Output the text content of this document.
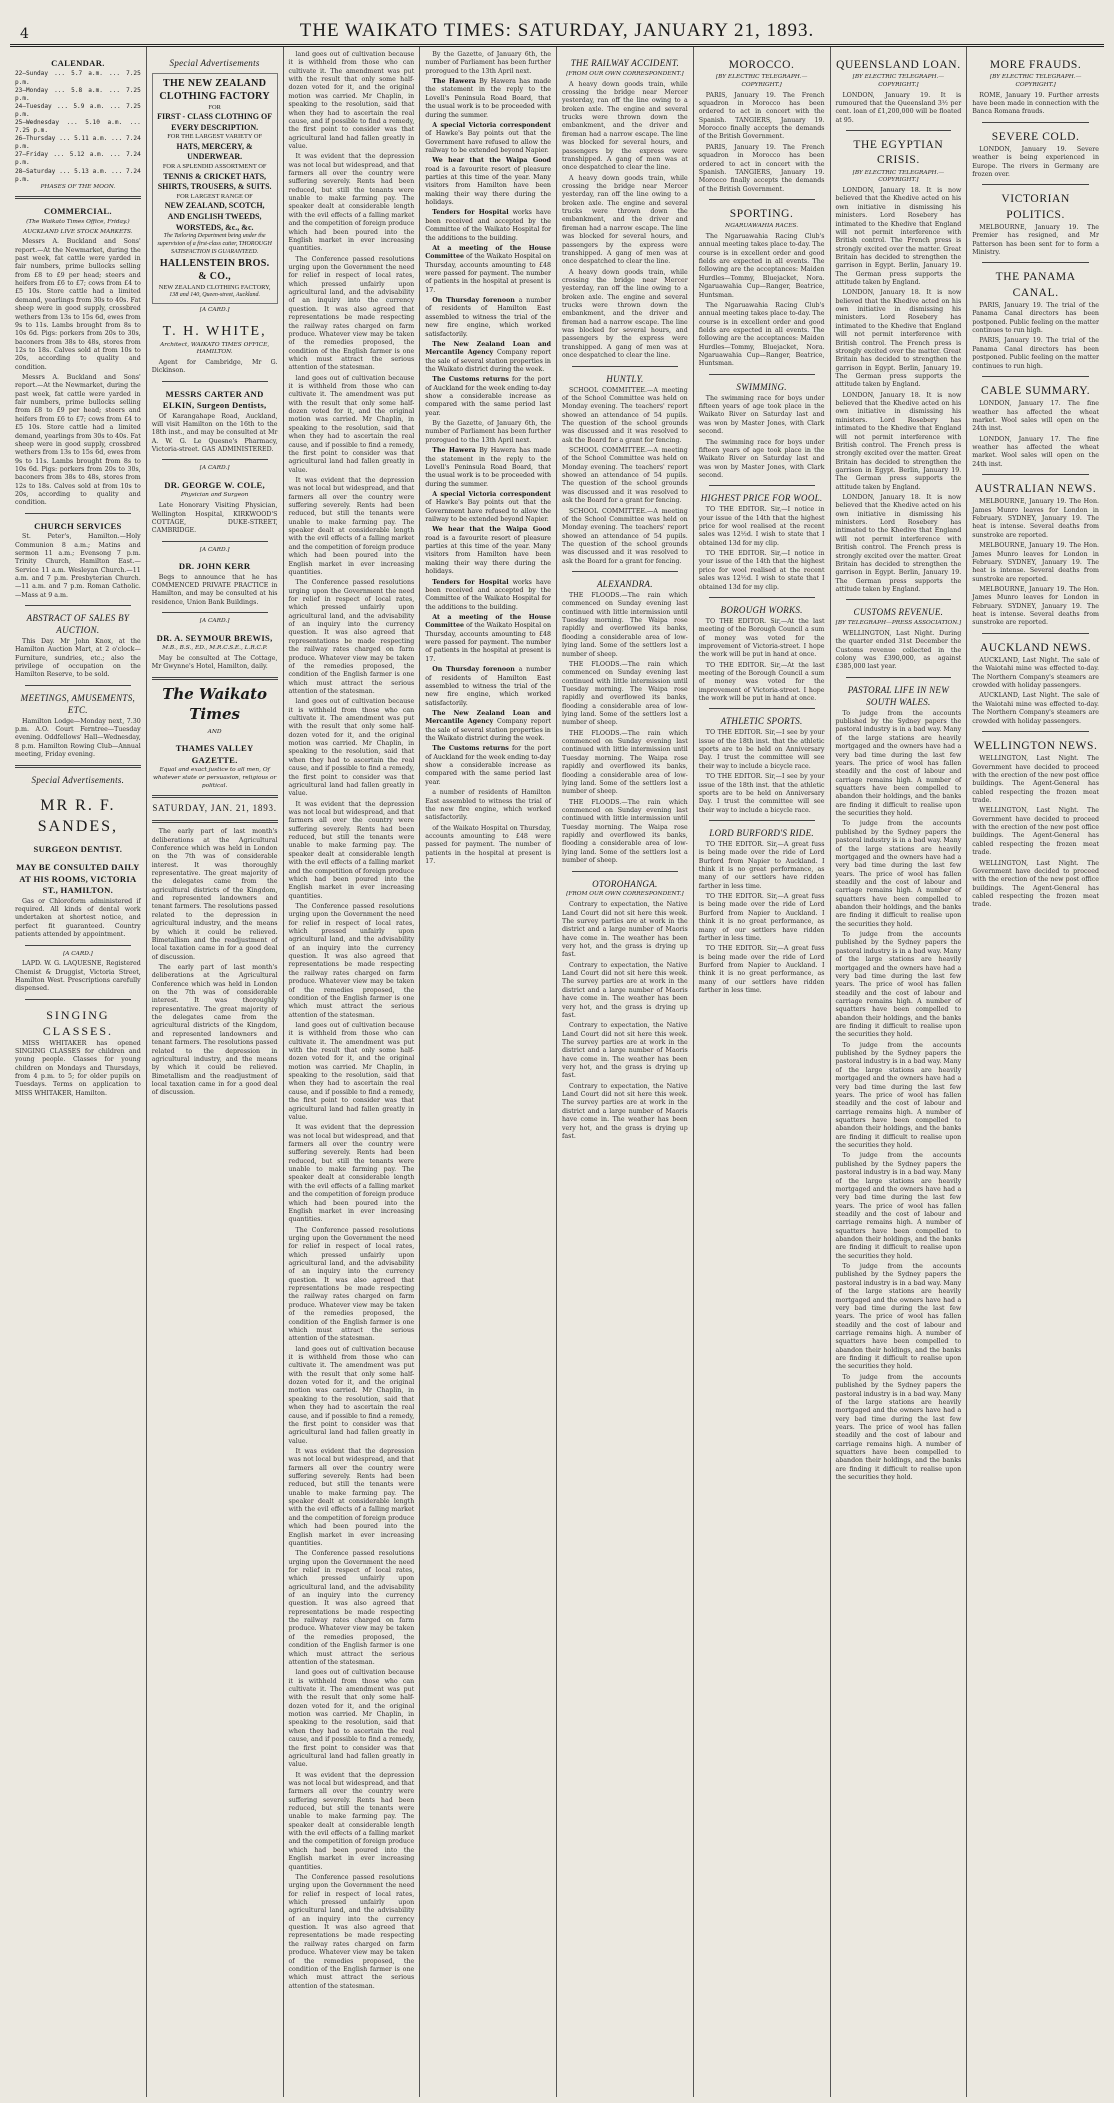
4	THE WAIKATO TIMES: SATURDAY, JANUARY 21, 1893.
CALENDAR.
22—Sunday ... 5.7 a.m. ... 7.25 p.m.
23—Monday ... 5.8 a.m. ... 7.25 p.m.
24—Tuesday ... 5.9 a.m. ... 7.25 p.m.
25—Wednesday ... 5.10 a.m. ... 7.25 p.m.
26—Thursday ... 5.11 a.m. ... 7.24 p.m.
27—Friday ... 5.12 a.m. ... 7.24 p.m.
28—Saturday ... 5.13 a.m. ... 7.24 p.m.
PHASES OF THE MOON.
COMMERCIAL.
(The Waikato Times Office, Friday.)
AUCKLAND LIVE STOCK MARKETS.

Messrs A. Buckland and Sons' report.—At the Newmarket, during the past week, fat cattle were yarded in fair numbers, prime bullocks selling from £8 to £9 per head; steers and heifers from £6 to £7; cows from £4 to £5 10s. Store cattle had a limited demand, yearlings from 30s to 40s. Fat sheep were in good supply, crossbred wethers from 13s to 15s 6d, ewes from 9s to 11s. Lambs brought from 8s to 10s 6d. Pigs: porkers from 20s to 30s, baconers from 38s to 48s, stores from 12s to 18s. Calves sold at from 10s to 20s, according to quality and condition.

Messrs A. Buckland and Sons' report.—At the Newmarket, during the past week, fat cattle were yarded in fair numbers, prime bullocks selling from £8 to £9 per head; steers and heifers from £6 to £7; cows from £4 to £5 10s. Store cattle had a limited demand, yearlings from 30s to 40s. Fat sheep were in good supply, crossbred wethers from 13s to 15s 6d, ewes from 9s to 11s. Lambs brought from 8s to 10s 6d. Pigs: porkers from 20s to 30s, baconers from 38s to 48s, stores from 12s to 18s. Calves sold at from 10s to 20s, according to quality and condition.

CHURCH SERVICES

St. Peter's, Hamilton.—Holy Communion 8 a.m.; Matins and sermon 11 a.m.; Evensong 7 p.m. Trinity Church, Hamilton East.—Service 11 a.m. Wesleyan Church.—11 a.m. and 7 p.m. Presbyterian Church.—11 a.m. and 7 p.m. Roman Catholic.—Mass at 9 a.m.

ABSTRACT OF SALES BY AUCTION.

This Day. Mr John Knox, at the Hamilton Auction Mart, at 2 o'clock—Furniture, sundries, etc.; also the privilege of occupation on the Hamilton Reserve, to be sold.

MEETINGS, AMUSEMENTS, ETC.

Hamilton Lodge—Monday next, 7.30 p.m. A.O. Court Ferntree—Tuesday evening. Oddfellows' Hall—Wednesday, 8 p.m. Hamilton Rowing Club—Annual meeting, Friday evening.

Special Advertisements.
MR R. F. SANDES,
SURGEON DENTIST.
MAY BE CONSULTED DAILY AT HIS ROOMS, VICTORIA ST., HAMILTON.

Gas or Chloroform administered if required. All kinds of dental work undertaken at shortest notice, and perfect fit guaranteed. Country patients attended by appointment.

[A CARD.]

LAPD. W. G. LAQUESNE, Registered Chemist & Druggist, Victoria Street, Hamilton West. Prescriptions carefully dispensed.

SINGING CLASSES.

MISS WHITAKER has opened SINGING CLASSES for children and young people. Classes for young children on Mondays and Thursdays, from 4 p.m. to 5; for older pupils on Tuesdays. Terms on application to MISS WHITAKER, Hamilton.

Special Advertisements
THE NEW ZEALAND
CLOTHING FACTORY
FOR
FIRST - CLASS CLOTHING OF EVERY DESCRIPTION.
FOR THE LARGEST VARIETY OF
HATS, MERCERY, & UNDERWEAR.
FOR A SPLENDID ASSORTMENT OF
TENNIS & CRICKET HATS, SHIRTS, TROUSERS, & SUITS.
FOR LARGEST RANGE OF
NEW ZEALAND, SCOTCH, AND ENGLISH TWEEDS, WORSTEDS, &c., &c.
The Tailoring Department being under the supervision of a first-class cutter, THOROUGH SATISFACTION IS GUARANTEED.
HALLENSTEIN BROS. & CO.,
NEW ZEALAND CLOTHING FACTORY,
138 and 140, Queen-street, Auckland.
[A CARD.]
T. H. WHITE,
Architect, WAIKATO TIMES OFFICE, HAMILTON.

Agent for Cambridge, Mr G. Dickinson.

MESSRS CARTER AND ELKIN, Surgeon Dentists,

Of Karangahape Road, Auckland, will visit Hamilton on the 16th to the 18th inst., and may be consulted at Mr A. W. G. Le Quesne's Pharmacy, Victoria-street. GAS ADMINISTERED.

[A CARD.]
DR. GEORGE W. COLE,
Physician and Surgeon

Late Honorary Visiting Physician, Wellington Hospital, KIRKWOOD'S COTTAGE, DUKE-STREET, CAMBRIDGE.

[A CARD.]
DR. JOHN KERR

Begs to announce that he has COMMENCED PRIVATE PRACTICE in Hamilton, and may be consulted at his residence, Union Bank Buildings.

[A CARD.]
DR. A. SEYMOUR BREWIS,
M.B., B.S., ED., M.R.C.S.E., L.R.C.P.

May be consulted at The Cottage, Mr Gwynne's Hotel, Hamilton, daily.

The Waikato Times
AND
THAMES VALLEY GAZETTE.
Equal and exact justice to all men, Of whatever state or persuasion, religious or political.
SATURDAY, JAN. 21, 1893.

The early part of last month's deliberations at the Agricultural Conference which was held in London on the 7th was of considerable interest. It was thoroughly representative. The great majority of the delegates came from the agricultural districts of the Kingdom, and represented landowners and tenant farmers. The resolutions passed related to the depression in agricultural industry, and the means by which it could be relieved. Bimetallism and the readjustment of local taxation came in for a good deal of discussion.

The early part of last month's deliberations at the Agricultural Conference which was held in London on the 7th was of considerable interest. It was thoroughly representative. The great majority of the delegates came from the agricultural districts of the Kingdom, and represented landowners and tenant farmers. The resolutions passed related to the depression in agricultural industry, and the means by which it could be relieved. Bimetallism and the readjustment of local taxation came in for a good deal of discussion.

land goes out of cultivation because it is withheld from those who can cultivate it. The amendment was put with the result that only some half-dozen voted for it, and the original motion was carried. Mr Chaplin, in speaking to the resolution, said that when they had to ascertain the real cause, and if possible to find a remedy, the first point to consider was that agricultural land had fallen greatly in value.

It was evident that the depression was not local but widespread, and that farmers all over the country were suffering severely. Rents had been reduced, but still the tenants were unable to make farming pay. The speaker dealt at considerable length with the evil effects of a falling market and the competition of foreign produce which had been poured into the English market in ever increasing quantities.

The Conference passed resolutions urging upon the Government the need for relief in respect of local rates, which pressed unfairly upon agricultural land, and the advisability of an inquiry into the currency question. It was also agreed that representations be made respecting the railway rates charged on farm produce. Whatever view may be taken of the remedies proposed, the condition of the English farmer is one which must attract the serious attention of the statesman.

land goes out of cultivation because it is withheld from those who can cultivate it. The amendment was put with the result that only some half-dozen voted for it, and the original motion was carried. Mr Chaplin, in speaking to the resolution, said that when they had to ascertain the real cause, and if possible to find a remedy, the first point to consider was that agricultural land had fallen greatly in value.

It was evident that the depression was not local but widespread, and that farmers all over the country were suffering severely. Rents had been reduced, but still the tenants were unable to make farming pay. The speaker dealt at considerable length with the evil effects of a falling market and the competition of foreign produce which had been poured into the English market in ever increasing quantities.

The Conference passed resolutions urging upon the Government the need for relief in respect of local rates, which pressed unfairly upon agricultural land, and the advisability of an inquiry into the currency question. It was also agreed that representations be made respecting the railway rates charged on farm produce. Whatever view may be taken of the remedies proposed, the condition of the English farmer is one which must attract the serious attention of the statesman.

land goes out of cultivation because it is withheld from those who can cultivate it. The amendment was put with the result that only some half-dozen voted for it, and the original motion was carried. Mr Chaplin, in speaking to the resolution, said that when they had to ascertain the real cause, and if possible to find a remedy, the first point to consider was that agricultural land had fallen greatly in value.

It was evident that the depression was not local but widespread, and that farmers all over the country were suffering severely. Rents had been reduced, but still the tenants were unable to make farming pay. The speaker dealt at considerable length with the evil effects of a falling market and the competition of foreign produce which had been poured into the English market in ever increasing quantities.

The Conference passed resolutions urging upon the Government the need for relief in respect of local rates, which pressed unfairly upon agricultural land, and the advisability of an inquiry into the currency question. It was also agreed that representations be made respecting the railway rates charged on farm produce. Whatever view may be taken of the remedies proposed, the condition of the English farmer is one which must attract the serious attention of the statesman.

land goes out of cultivation because it is withheld from those who can cultivate it. The amendment was put with the result that only some half-dozen voted for it, and the original motion was carried. Mr Chaplin, in speaking to the resolution, said that when they had to ascertain the real cause, and if possible to find a remedy, the first point to consider was that agricultural land had fallen greatly in value.

It was evident that the depression was not local but widespread, and that farmers all over the country were suffering severely. Rents had been reduced, but still the tenants were unable to make farming pay. The speaker dealt at considerable length with the evil effects of a falling market and the competition of foreign produce which had been poured into the English market in ever increasing quantities.

The Conference passed resolutions urging upon the Government the need for relief in respect of local rates, which pressed unfairly upon agricultural land, and the advisability of an inquiry into the currency question. It was also agreed that representations be made respecting the railway rates charged on farm produce. Whatever view may be taken of the remedies proposed, the condition of the English farmer is one which must attract the serious attention of the statesman.

land goes out of cultivation because it is withheld from those who can cultivate it. The amendment was put with the result that only some half-dozen voted for it, and the original motion was carried. Mr Chaplin, in speaking to the resolution, said that when they had to ascertain the real cause, and if possible to find a remedy, the first point to consider was that agricultural land had fallen greatly in value.

It was evident that the depression was not local but widespread, and that farmers all over the country were suffering severely. Rents had been reduced, but still the tenants were unable to make farming pay. The speaker dealt at considerable length with the evil effects of a falling market and the competition of foreign produce which had been poured into the English market in ever increasing quantities.

The Conference passed resolutions urging upon the Government the need for relief in respect of local rates, which pressed unfairly upon agricultural land, and the advisability of an inquiry into the currency question. It was also agreed that representations be made respecting the railway rates charged on farm produce. Whatever view may be taken of the remedies proposed, the condition of the English farmer is one which must attract the serious attention of the statesman.

land goes out of cultivation because it is withheld from those who can cultivate it. The amendment was put with the result that only some half-dozen voted for it, and the original motion was carried. Mr Chaplin, in speaking to the resolution, said that when they had to ascertain the real cause, and if possible to find a remedy, the first point to consider was that agricultural land had fallen greatly in value.

It was evident that the depression was not local but widespread, and that farmers all over the country were suffering severely. Rents had been reduced, but still the tenants were unable to make farming pay. The speaker dealt at considerable length with the evil effects of a falling market and the competition of foreign produce which had been poured into the English market in ever increasing quantities.

The Conference passed resolutions urging upon the Government the need for relief in respect of local rates, which pressed unfairly upon agricultural land, and the advisability of an inquiry into the currency question. It was also agreed that representations be made respecting the railway rates charged on farm produce. Whatever view may be taken of the remedies proposed, the condition of the English farmer is one which must attract the serious attention of the statesman.

By the Gazette, of January 6th, the number of Parliament has been further prorogued to the 13th April next.

The Hawera By Hawera has made the statement in the reply to the Lovell's Peninsula Road Board, that the usual work is to be proceeded with during the summer.

A special Victoria correspondent of Hawke's Bay points out that the Government have refused to allow the railway to be extended beyond Napier.

We hear that the Waipa Good road is a favourite resort of pleasure parties at this time of the year. Many visitors from Hamilton have been making their way there during the holidays.

Tenders for Hospital works have been received and accepted by the Committee of the Waikato Hospital for the additions to the building.

At a meeting of the House Committee of the Waikato Hospital on Thursday, accounts amounting to £48 were passed for payment. The number of patients in the hospital at present is 17.

On Thursday forenoon a number of residents of Hamilton East assembled to witness the trial of the new fire engine, which worked satisfactorily.

The New Zealand Loan and Mercantile Agency Company report the sale of several station properties in the Waikato district during the week.

The Customs returns for the port of Auckland for the week ending to-day show a considerable increase as compared with the same period last year.

By the Gazette, of January 6th, the number of Parliament has been further prorogued to the 13th April next.

The Hawera By Hawera has made the statement in the reply to the Lovell's Peninsula Road Board, that the usual work is to be proceeded with during the summer.

A special Victoria correspondent of Hawke's Bay points out that the Government have refused to allow the railway to be extended beyond Napier.

We hear that the Waipa Good road is a favourite resort of pleasure parties at this time of the year. Many visitors from Hamilton have been making their way there during the holidays.

Tenders for Hospital works have been received and accepted by the Committee of the Waikato Hospital for the additions to the building.

At a meeting of the House Committee of the Waikato Hospital on Thursday, accounts amounting to £48 were passed for payment. The number of patients in the hospital at present is 17.

On Thursday forenoon a number of residents of Hamilton East assembled to witness the trial of the new fire engine, which worked satisfactorily.

The New Zealand Loan and Mercantile Agency Company report the sale of several station properties in the Waikato district during the week.

The Customs returns for the port of Auckland for the week ending to-day show a considerable increase as compared with the same period last year.

a number of residents of Hamilton East assembled to witness the trial of the new fire engine, which worked satisfactorily.

of the Waikato Hospital on Thursday, accounts amounting to £48 were passed for payment. The number of patients in the hospital at present is 17.

THE RAILWAY ACCIDENT.
[FROM OUR OWN CORRESPONDENT.]

A heavy down goods train, while crossing the bridge near Mercer yesterday, ran off the line owing to a broken axle. The engine and several trucks were thrown down the embankment, and the driver and fireman had a narrow escape. The line was blocked for several hours, and passengers by the express were transhipped. A gang of men was at once despatched to clear the line.

A heavy down goods train, while crossing the bridge near Mercer yesterday, ran off the line owing to a broken axle. The engine and several trucks were thrown down the embankment, and the driver and fireman had a narrow escape. The line was blocked for several hours, and passengers by the express were transhipped. A gang of men was at once despatched to clear the line.

A heavy down goods train, while crossing the bridge near Mercer yesterday, ran off the line owing to a broken axle. The engine and several trucks were thrown down the embankment, and the driver and fireman had a narrow escape. The line was blocked for several hours, and passengers by the express were transhipped. A gang of men was at once despatched to clear the line.

HUNTLY.

SCHOOL COMMITTEE.—A meeting of the School Committee was held on Monday evening. The teachers' report showed an attendance of 54 pupils. The question of the school grounds was discussed and it was resolved to ask the Board for a grant for fencing.

SCHOOL COMMITTEE.—A meeting of the School Committee was held on Monday evening. The teachers' report showed an attendance of 54 pupils. The question of the school grounds was discussed and it was resolved to ask the Board for a grant for fencing.

SCHOOL COMMITTEE.—A meeting of the School Committee was held on Monday evening. The teachers' report showed an attendance of 54 pupils. The question of the school grounds was discussed and it was resolved to ask the Board for a grant for fencing.

ALEXANDRA.

THE FLOODS.—The rain which commenced on Sunday evening last continued with little intermission until Tuesday morning. The Waipa rose rapidly and overflowed its banks, flooding a considerable area of low-lying land. Some of the settlers lost a number of sheep.

THE FLOODS.—The rain which commenced on Sunday evening last continued with little intermission until Tuesday morning. The Waipa rose rapidly and overflowed its banks, flooding a considerable area of low-lying land. Some of the settlers lost a number of sheep.

THE FLOODS.—The rain which commenced on Sunday evening last continued with little intermission until Tuesday morning. The Waipa rose rapidly and overflowed its banks, flooding a considerable area of low-lying land. Some of the settlers lost a number of sheep.

THE FLOODS.—The rain which commenced on Sunday evening last continued with little intermission until Tuesday morning. The Waipa rose rapidly and overflowed its banks, flooding a considerable area of low-lying land. Some of the settlers lost a number of sheep.

OTOROHANGA.
[FROM OUR OWN CORRESPONDENT.]

Contrary to expectation, the Native Land Court did not sit here this week. The survey parties are at work in the district and a large number of Maoris have come in. The weather has been very hot, and the grass is drying up fast.

Contrary to expectation, the Native Land Court did not sit here this week. The survey parties are at work in the district and a large number of Maoris have come in. The weather has been very hot, and the grass is drying up fast.

Contrary to expectation, the Native Land Court did not sit here this week. The survey parties are at work in the district and a large number of Maoris have come in. The weather has been very hot, and the grass is drying up fast.

Contrary to expectation, the Native Land Court did not sit here this week. The survey parties are at work in the district and a large number of Maoris have come in. The weather has been very hot, and the grass is drying up fast.

MOROCCO.
[BY ELECTRIC TELEGRAPH.—COPYRIGHT.]

PARIS, January 19. The French squadron in Morocco has been ordered to act in concert with the Spanish. TANGIERS, January 19. Morocco finally accepts the demands of the British Government.

PARIS, January 19. The French squadron in Morocco has been ordered to act in concert with the Spanish. TANGIERS, January 19. Morocco finally accepts the demands of the British Government.

SPORTING.
NGARUAWAHIA RACES.

The Ngaruawahia Racing Club's annual meeting takes place to-day. The course is in excellent order and good fields are expected in all events. The following are the acceptances: Maiden Hurdles—Tommy, Bluejacket, Nora. Ngaruawahia Cup—Ranger, Beatrice, Huntsman.

The Ngaruawahia Racing Club's annual meeting takes place to-day. The course is in excellent order and good fields are expected in all events. The following are the acceptances: Maiden Hurdles—Tommy, Bluejacket, Nora. Ngaruawahia Cup—Ranger, Beatrice, Huntsman.

SWIMMING.

The swimming race for boys under fifteen years of age took place in the Waikato River on Saturday last and was won by Master Jones, with Clark second.

The swimming race for boys under fifteen years of age took place in the Waikato River on Saturday last and was won by Master Jones, with Clark second.

HIGHEST PRICE FOR WOOL.

TO THE EDITOR. Sir,—I notice in your issue of the 14th that the highest price for wool realised at the recent sales was 12½d. I wish to state that I obtained 13d for my clip.

TO THE EDITOR. Sir,—I notice in your issue of the 14th that the highest price for wool realised at the recent sales was 12½d. I wish to state that I obtained 13d for my clip.

BOROUGH WORKS.

TO THE EDITOR. Sir,—At the last meeting of the Borough Council a sum of money was voted for the improvement of Victoria-street. I hope the work will be put in hand at once.

TO THE EDITOR. Sir,—At the last meeting of the Borough Council a sum of money was voted for the improvement of Victoria-street. I hope the work will be put in hand at once.

ATHLETIC SPORTS.

TO THE EDITOR. Sir,—I see by your issue of the 18th inst. that the athletic sports are to be held on Anniversary Day. I trust the committee will see their way to include a bicycle race.

TO THE EDITOR. Sir,—I see by your issue of the 18th inst. that the athletic sports are to be held on Anniversary Day. I trust the committee will see their way to include a bicycle race.

LORD BURFORD'S RIDE.

TO THE EDITOR. Sir,—A great fuss is being made over the ride of Lord Burford from Napier to Auckland. I think it is no great performance, as many of our settlers have ridden farther in less time.

TO THE EDITOR. Sir,—A great fuss is being made over the ride of Lord Burford from Napier to Auckland. I think it is no great performance, as many of our settlers have ridden farther in less time.

TO THE EDITOR. Sir,—A great fuss is being made over the ride of Lord Burford from Napier to Auckland. I think it is no great performance, as many of our settlers have ridden farther in less time.

QUEENSLAND LOAN.
[BY ELECTRIC TELEGRAPH.—COPYRIGHT.]

LONDON, January 19. It is rumoured that the Queensland 3½ per cent. loan of £1,200,000 will be floated at 95.

THE EGYPTIAN CRISIS.
[BY ELECTRIC TELEGRAPH.—COPYRIGHT.]

LONDON, January 18. It is now believed that the Khedive acted on his own initiative in dismissing his ministers. Lord Rosebery has intimated to the Khedive that England will not permit interference with British control. The French press is strongly excited over the matter. Great Britain has decided to strengthen the garrison in Egypt. Berlin, January 19. The German press supports the attitude taken by England.

LONDON, January 18. It is now believed that the Khedive acted on his own initiative in dismissing his ministers. Lord Rosebery has intimated to the Khedive that England will not permit interference with British control. The French press is strongly excited over the matter. Great Britain has decided to strengthen the garrison in Egypt. Berlin, January 19. The German press supports the attitude taken by England.

LONDON, January 18. It is now believed that the Khedive acted on his own initiative in dismissing his ministers. Lord Rosebery has intimated to the Khedive that England will not permit interference with British control. The French press is strongly excited over the matter. Great Britain has decided to strengthen the garrison in Egypt. Berlin, January 19. The German press supports the attitude taken by England.

LONDON, January 18. It is now believed that the Khedive acted on his own initiative in dismissing his ministers. Lord Rosebery has intimated to the Khedive that England will not permit interference with British control. The French press is strongly excited over the matter. Great Britain has decided to strengthen the garrison in Egypt. Berlin, January 19. The German press supports the attitude taken by England.

CUSTOMS REVENUE.
[BY TELEGRAPH—PRESS ASSOCIATION.]

WELLINGTON, Last Night. During the quarter ended 31st December the Customs revenue collected in the colony was £390,000, as against £385,000 last year.

PASTORAL LIFE IN NEW SOUTH WALES.

To judge from the accounts published by the Sydney papers the pastoral industry is in a bad way. Many of the large stations are heavily mortgaged and the owners have had a very bad time during the last few years. The price of wool has fallen steadily and the cost of labour and carriage remains high. A number of squatters have been compelled to abandon their holdings, and the banks are finding it difficult to realise upon the securities they hold.

To judge from the accounts published by the Sydney papers the pastoral industry is in a bad way. Many of the large stations are heavily mortgaged and the owners have had a very bad time during the last few years. The price of wool has fallen steadily and the cost of labour and carriage remains high. A number of squatters have been compelled to abandon their holdings, and the banks are finding it difficult to realise upon the securities they hold.

To judge from the accounts published by the Sydney papers the pastoral industry is in a bad way. Many of the large stations are heavily mortgaged and the owners have had a very bad time during the last few years. The price of wool has fallen steadily and the cost of labour and carriage remains high. A number of squatters have been compelled to abandon their holdings, and the banks are finding it difficult to realise upon the securities they hold.

To judge from the accounts published by the Sydney papers the pastoral industry is in a bad way. Many of the large stations are heavily mortgaged and the owners have had a very bad time during the last few years. The price of wool has fallen steadily and the cost of labour and carriage remains high. A number of squatters have been compelled to abandon their holdings, and the banks are finding it difficult to realise upon the securities they hold.

To judge from the accounts published by the Sydney papers the pastoral industry is in a bad way. Many of the large stations are heavily mortgaged and the owners have had a very bad time during the last few years. The price of wool has fallen steadily and the cost of labour and carriage remains high. A number of squatters have been compelled to abandon their holdings, and the banks are finding it difficult to realise upon the securities they hold.

To judge from the accounts published by the Sydney papers the pastoral industry is in a bad way. Many of the large stations are heavily mortgaged and the owners have had a very bad time during the last few years. The price of wool has fallen steadily and the cost of labour and carriage remains high. A number of squatters have been compelled to abandon their holdings, and the banks are finding it difficult to realise upon the securities they hold.

To judge from the accounts published by the Sydney papers the pastoral industry is in a bad way. Many of the large stations are heavily mortgaged and the owners have had a very bad time during the last few years. The price of wool has fallen steadily and the cost of labour and carriage remains high. A number of squatters have been compelled to abandon their holdings, and the banks are finding it difficult to realise upon the securities they hold.

MORE FRAUDS.
[BY ELECTRIC TELEGRAPH.—COPYRIGHT.]

ROME, January 19. Further arrests have been made in connection with the Banca Romana frauds.

SEVERE COLD.

LONDON, January 19. Severe weather is being experienced in Europe. The rivers in Germany are frozen over.

VICTORIAN POLITICS.

MELBOURNE, January 19. The Premier has resigned, and Mr Patterson has been sent for to form a Ministry.

THE PANAMA CANAL.

PARIS, January 19. The trial of the Panama Canal directors has been postponed. Public feeling on the matter continues to run high.

PARIS, January 19. The trial of the Panama Canal directors has been postponed. Public feeling on the matter continues to run high.

CABLE SUMMARY.

LONDON, January 17. The fine weather has affected the wheat market. Wool sales will open on the 24th inst.

LONDON, January 17. The fine weather has affected the wheat market. Wool sales will open on the 24th inst.

AUSTRALIAN NEWS.

MELBOURNE, January 19. The Hon. James Munro leaves for London in February. SYDNEY, January 19. The heat is intense. Several deaths from sunstroke are reported.

MELBOURNE, January 19. The Hon. James Munro leaves for London in February. SYDNEY, January 19. The heat is intense. Several deaths from sunstroke are reported.

MELBOURNE, January 19. The Hon. James Munro leaves for London in February. SYDNEY, January 19. The heat is intense. Several deaths from sunstroke are reported.

AUCKLAND NEWS.

AUCKLAND, Last Night. The sale of the Waiotahi mine was effected to-day. The Northern Company's steamers are crowded with holiday passengers.

AUCKLAND, Last Night. The sale of the Waiotahi mine was effected to-day. The Northern Company's steamers are crowded with holiday passengers.

WELLINGTON NEWS.

WELLINGTON, Last Night. The Government have decided to proceed with the erection of the new post office buildings. The Agent-General has cabled respecting the frozen meat trade.

WELLINGTON, Last Night. The Government have decided to proceed with the erection of the new post office buildings. The Agent-General has cabled respecting the frozen meat trade.

WELLINGTON, Last Night. The Government have decided to proceed with the erection of the new post office buildings. The Agent-General has cabled respecting the frozen meat trade.
